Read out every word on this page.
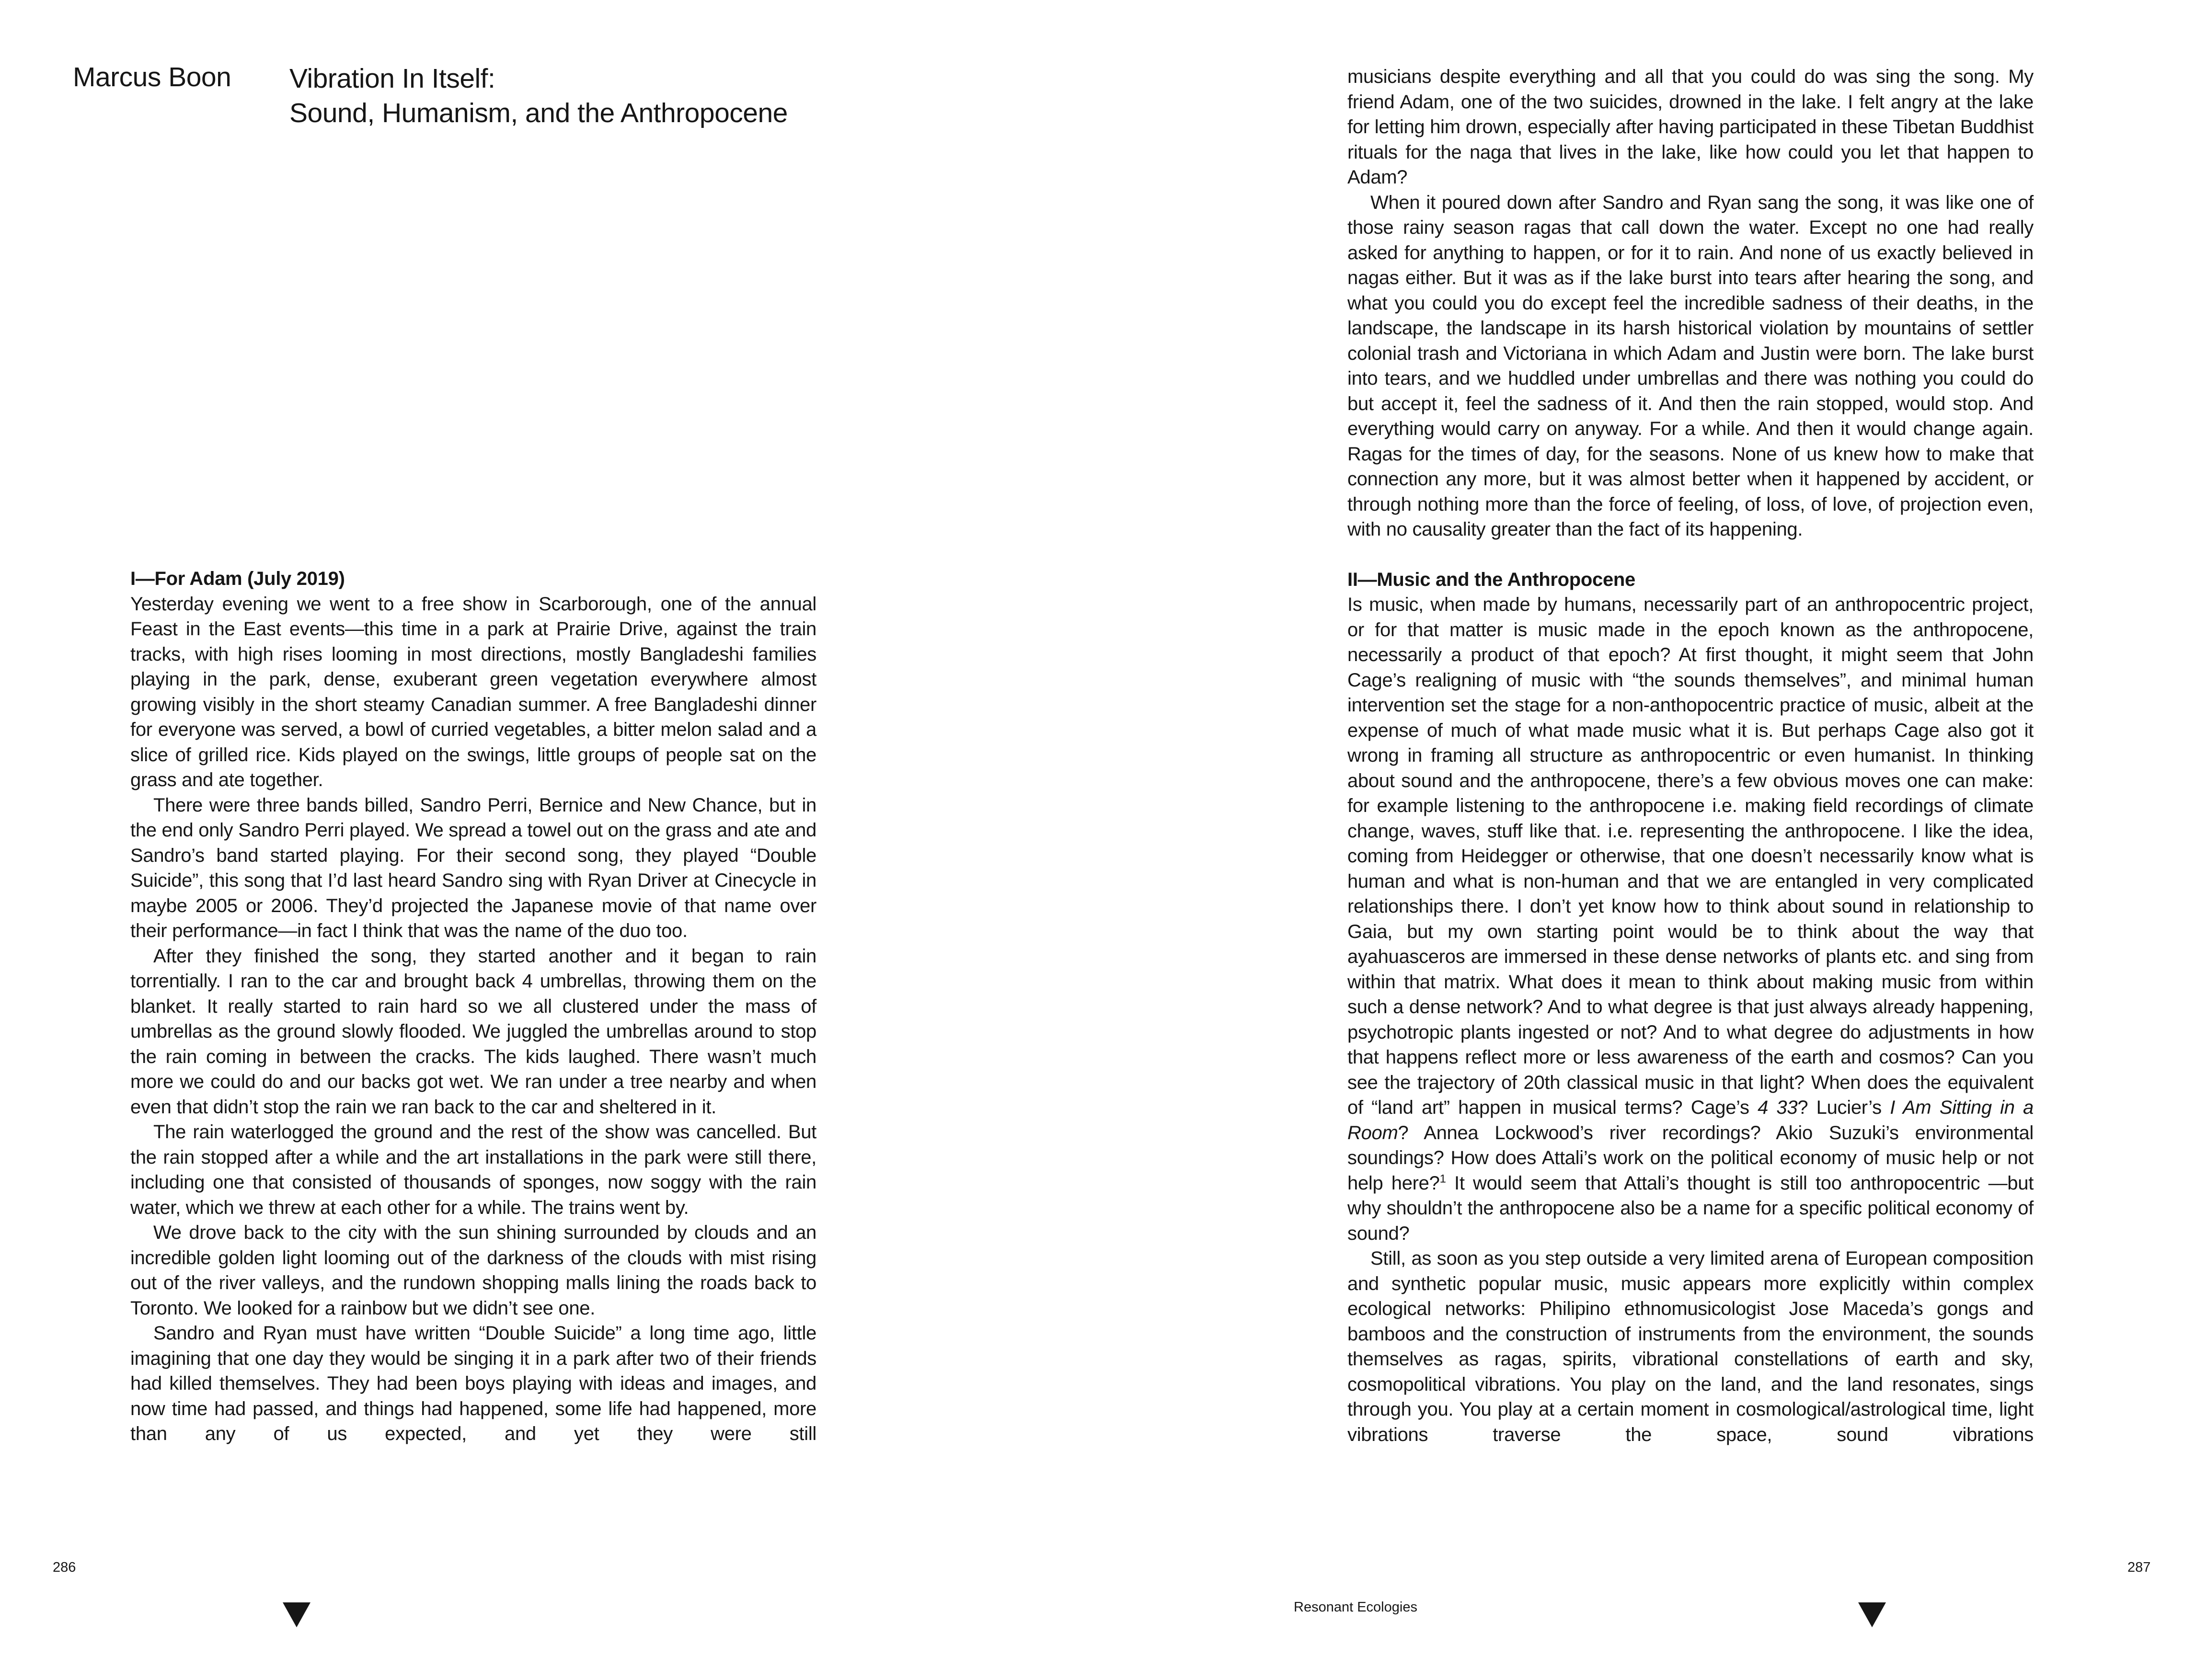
Marcus Boon Vibration In Itself:
Sound, Humanism, and the Anthropocene
I—For Adam (July 2019)

Yesterday evening we went to a free show in Scarborough, one of the annual Feast in the East events—this time in a park at Prairie Drive, against the train tracks, with high rises looming in most directions, mostly Bangladeshi families playing in the park, dense, exuberant green vegetation everywhere almost growing visibly in the short steamy Canadian summer. A free Bangladeshi dinner for everyone was served, a bowl of curried vegetables, a bitter melon salad and a slice of grilled rice. Kids played on the swings, little groups of people sat on the grass and ate together.

There were three bands billed, Sandro Perri, Bernice and New Chance, but in the end only Sandro Perri played. We spread a towel out on the grass and ate and Sandro’s band started playing. For their second song, they played “Double Suicide”, this song that I’d last heard Sandro sing with Ryan Driver at Cinecycle in maybe 2005 or 2006. They’d projected the Japanese movie of that name over their performance—in fact I think that was the name of the duo too.

After they finished the song, they started another and it began to rain torrentially. I ran to the car and brought back 4 umbrellas, throwing them on the blanket. It really started to rain hard so we all clustered under the mass of umbrellas as the ground slowly flooded. We juggled the umbrellas around to stop the rain coming in between the cracks. The kids laughed. There wasn’t much more we could do and our backs got wet. We ran under a tree nearby and when even that didn’t stop the rain we ran back to the car and sheltered in it.

The rain waterlogged the ground and the rest of the show was cancelled. But the rain stopped after a while and the art installations in the park were still there, including one that consisted of thousands of sponges, now soggy with the rain water, which we threw at each other for a while. The trains went by.

We drove back to the city with the sun shining surrounded by clouds and an incredible golden light looming out of the darkness of the clouds with mist rising out of the river valleys, and the rundown shopping malls lining the roads back to Toronto. We looked for a rainbow but we didn’t see one.

Sandro and Ryan must have written “Double Suicide” a long time ago, little imagining that one day they would be singing it in a park after two of their friends had killed themselves. They had been boys playing with ideas and images, and now time had passed, and things had happened, some life had happened, more than any of us expected, and yet they were still

musicians despite everything and all that you could do was sing the song. My friend Adam, one of the two suicides, drowned in the lake. I felt angry at the lake for letting him drown, especially after having participated in these Tibetan Buddhist rituals for the naga that lives in the lake, like how could you let that happen to Adam?

When it poured down after Sandro and Ryan sang the song, it was like one of those rainy season ragas that call down the water. Except no one had really asked for anything to happen, or for it to rain. And none of us exactly believed in nagas either. But it was as if the lake burst into tears after hearing the song, and what you could you do except feel the incredible sadness of their deaths, in the landscape, the landscape in its harsh historical violation by mountains of settler colonial trash and Victoriana in which Adam and Justin were born. The lake burst into tears, and we huddled under umbrellas and there was nothing you could do but accept it, feel the sadness of it. And then the rain stopped, would stop. And everything would carry on anyway. For a while. And then it would change again. Ragas for the times of day, for the seasons. None of us knew how to make that connection any more, but it was almost better when it happened by accident, or through nothing more than the force of feeling, of loss, of love, of projection even, with no causality greater than the fact of its happening.

II—Music and the Anthropocene

Is music, when made by humans, necessarily part of an anthropocentric project, or for that matter is music made in the epoch known as the anthropocene, necessarily a product of that epoch? At first thought, it might seem that John Cage’s realigning of music with “the sounds themselves”, and minimal human intervention set the stage for a non-anthopocentric practice of music, albeit at the expense of much of what made music what it is. But perhaps Cage also got it wrong in framing all structure as anthropocentric or even humanist. In thinking about sound and the anthropocene, there’s a few obvious moves one can make: for example listening to the anthropocene i.e. making field recordings of climate change, waves, stuff like that. i.e. representing the anthropocene. I like the idea, coming from Heidegger or otherwise, that one doesn’t necessarily know what is human and what is non-human and that we are entangled in very complicated relationships there. I don’t yet know how to think about sound in relationship to Gaia, but my own starting point would be to think about the way that ayahuasceros are immersed in these dense networks of plants etc. and sing from within that matrix. What does it mean to think about making music from within such a dense network? And to what degree is that just always already happening, psychotropic plants ingested or not? And to what degree do adjustments in how that happens reflect more or less awareness of the earth and cosmos? Can you see the trajectory of 20th classical music in that light? When does the equivalent of “land art” happen in musical terms? Cage’s 4 33? Lucier’s I Am Sitting in a Room? Annea Lockwood’s river recordings? Akio Suzuki’s environmental soundings? How does Attali’s work on the political economy of music help or not help here?$^1$ It would seem that Attali’s thought is still too anthropocentric —but why shouldn’t the anthropocene also be a name for a specific political economy of sound?

Still, as soon as you step outside a very limited arena of European composition and synthetic popular music, music appears more explicitly within complex ecological networks: Philipino ethnomusicologist Jose Maceda’s gongs and bamboos and the construction of instruments from the environment, the sounds themselves as ragas, spirits, vibrational constellations of earth and sky, cosmopolitical vibrations. You play on the land, and the land resonates, sings through you. You play at a certain moment in cosmological/astrological time, light vibrations traverse the space, sound vibrations

286	287

Resonant Ecologies
